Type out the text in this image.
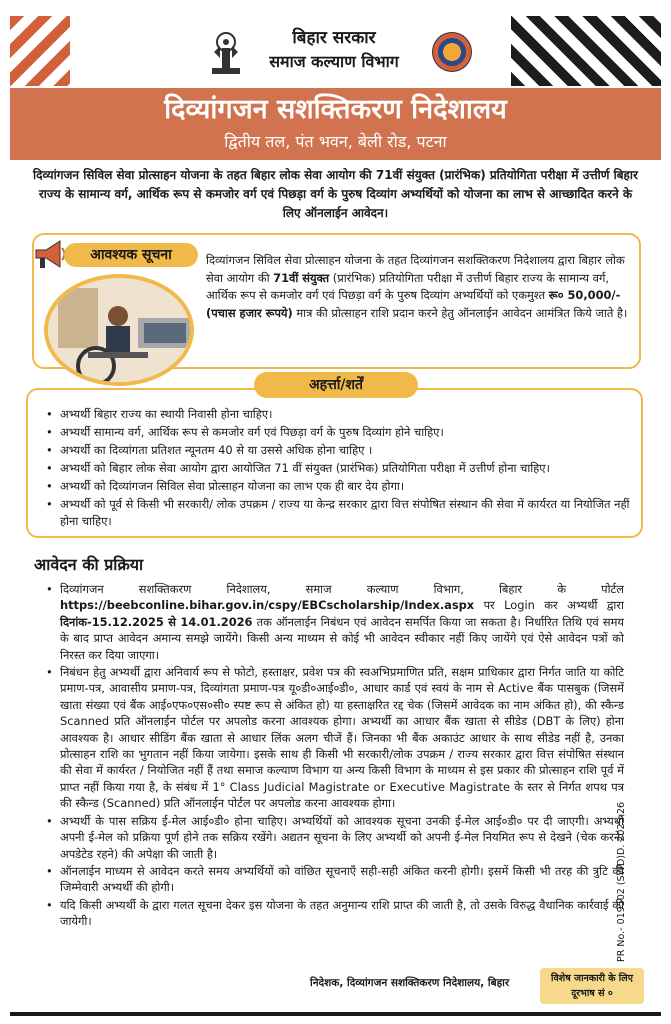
बिहार सरकार
समाज कल्याण विभाग
दिव्यांगजन सशक्तिकरण निदेशालय
द्वितीय तल, पंत भवन, बेली रोड, पटना
दिव्यांगजन सिविल सेवा प्रोत्साहन योजना के तहत बिहार लोक सेवा आयोग की 71वीं संयुक्त (प्रारंभिक) प्रतियोगिता परीक्षा में उत्तीर्ण बिहार राज्य के सामान्य वर्ग, आर्थिक रूप से कमजोर वर्ग एवं पिछड़ा वर्ग के पुरुष दिव्यांग अभ्यर्थियों को योजना का लाभ से आच्छादित करने के लिए ऑनलाईन आवेदन।
आवश्यक सूचना	दिव्यांगजन सिविल सेवा प्रोत्साहन योजना के तहत दिव्यांगजन सशक्तिकरण निदेशालय द्वारा बिहार लोक सेवा आयोग की 71वीं संयुक्त (प्रारंभिक) प्रतियोगिता परीक्षा में उत्तीर्ण बिहार राज्य के सामान्य वर्ग, आर्थिक रूप से कमजोर वर्ग एवं पिछड़ा वर्ग के पुरुष दिव्यांग अभ्यर्थियों को एकमुश्त रू० 50,000/- (पचास हजार रूपये) मात्र की प्रोत्साहन राशि प्रदान करने हेतु ऑनलाईन आवेदन आमंत्रित किये जाते है।
अहर्त्ता/शर्तें
• अभ्यर्थी बिहार राज्य का स्थायी निवासी होना चाहिए।
• अभ्यर्थी सामान्य वर्ग, आर्थिक रूप से कमजोर वर्ग एवं पिछड़ा वर्ग के पुरुष दिव्यांग होने चाहिए।
• अभ्यर्थी का दिव्यांगता प्रतिशत न्यूनतम 40 से या उससे अधिक होना चाहिए ।
• अभ्यर्थी को बिहार लोक सेवा आयोग द्वारा आयोजित 71 वीं संयुक्त (प्रारंभिक) प्रतियोगिता परीक्षा में उत्तीर्ण होना चाहिए।
• अभ्यर्थी को दिव्यांगजन सिविल सेवा प्रोत्साहन योजना का लाभ एक ही बार देय होगा।
• अभ्यर्थी को पूर्व से किसी भी सरकारी/ लोक उपक्रम / राज्य या केन्द्र सरकार द्वारा वित्त संपोषित संस्थान की सेवा में कार्यरत या नियोजित नहीं होना चाहिए।
आवेदन की प्रक्रिया
• दिव्यांगजन सशक्तिकरण निदेशालय, समाज कल्याण विभाग, बिहार के पोर्टल https://beebconline.bihar.gov.in/cspy/EBCscholarship/Index.aspx पर Login कर अभ्यर्थी द्वारा दिनांक-15.12.2025 से 14.01.2026 तक ऑनलाईन निबंधन एवं आवेदन समर्पित किया जा सकता है। निर्धारित तिथि एवं समय के बाद प्राप्त आवेदन अमान्य समझे जायेंगे। किसी अन्य माध्यम से कोई भी आवेदन स्वीकार नहीं किए जायेंगे एवं ऐसे आवेदन पत्रों को निरस्त कर दिया जाएगा।
• निबंधन हेतु अभ्यर्थी द्वारा अनिवार्य रूप से फोटो, हस्ताक्षर, प्रवेश पत्र की स्वअभिप्रमाणित प्रति, सक्षम प्राधिकार द्वारा निर्गत जाति या कोटि प्रमाण-पत्र, आवासीय प्रमाण-पत्र, दिव्यांगता प्रमाण-पत्र यू०डी०आई०डी०, आधार कार्ड एवं स्वयं के नाम से Active बैंक पासबुक (जिसमें खाता संख्या एवं बैंक आई०एफ०एस०सी० स्पष्ट रूप से अंकित हो) या हस्ताक्षरित रद्द चेक (जिसमें आवेदक का नाम अंकित हो), की स्कैन्ड Scanned प्रति ऑनलाईन पोर्टल पर अपलोड करना आवश्यक होगा। अभ्यर्थी का आधार बैंक खाता से सीडेड (DBT के लिए) होना आवश्यक है। आधार सीडिंग बैंक खाता से आधार लिंक अलग चीजें हैं। जिनका भी बैंक अकाउंट आधार के साथ सीडेड नहीं है, उनका प्रोत्साहन राशि का भुगतान नहीं किया जायेगा। इसके साथ ही किसी भी सरकारी/लोक उपक्रम / राज्य सरकार द्वारा वित्त संपोषित संस्थान की सेवा में कार्यरत / नियोजित नहीं हैं तथा समाज कल्याण विभाग या अन्य किसी विभाग के माध्यम से इस प्रकार की प्रोत्साहन राशि पूर्व में प्राप्त नहीं किया गया है, के संबंध में 1° Class Judicial Magistrate or Executive Magistrate के स्तर से निर्गत शपथ पत्र की स्कैन्ड (Scanned) प्रति ऑनलाईन पोर्टल पर अपलोड करना आवश्यक होगा।
• अभ्यर्थी के पास सक्रिय ई-मेल आई०डी० होना चाहिए। अभ्यर्थियों को आवश्यक सूचना उनकी ई-मेल आई०डी० पर दी जाएगी। अभ्यर्थी अपनी ई-मेल को प्रक्रिया पूर्ण होने तक सक्रिय रखेंगे। अद्यतन सूचना के लिए अभ्यर्थी को अपनी ई-मेल नियमित रूप से देखने (चेक करने/अपडेटेड रहने) की अपेक्षा की जाती है।
• ऑनलाईन माध्यम से आवेदन करते समय अभ्यर्थियों को वांछित सूचनाएँ सही-सही अंकित करनी होगी। इसमें किसी भी तरह की त्रुटि की जिम्मेवारी अभ्यर्थी की होगी।
• यदि किसी अभ्यर्थी के द्वारा गलत सूचना देकर इस योजना के तहत अनुमान्य राशि प्राप्त की जाती है, तो उसके विरुद्ध वैधानिक कार्रवाई की जायेगी।	PR No.- 019502 (SWD)D. 2025-26
निदेशक, दिव्यांगजन सशक्तिकरण निदेशालय, बिहार	विशेष जानकारी के लिए
दूरभाष सं ०
